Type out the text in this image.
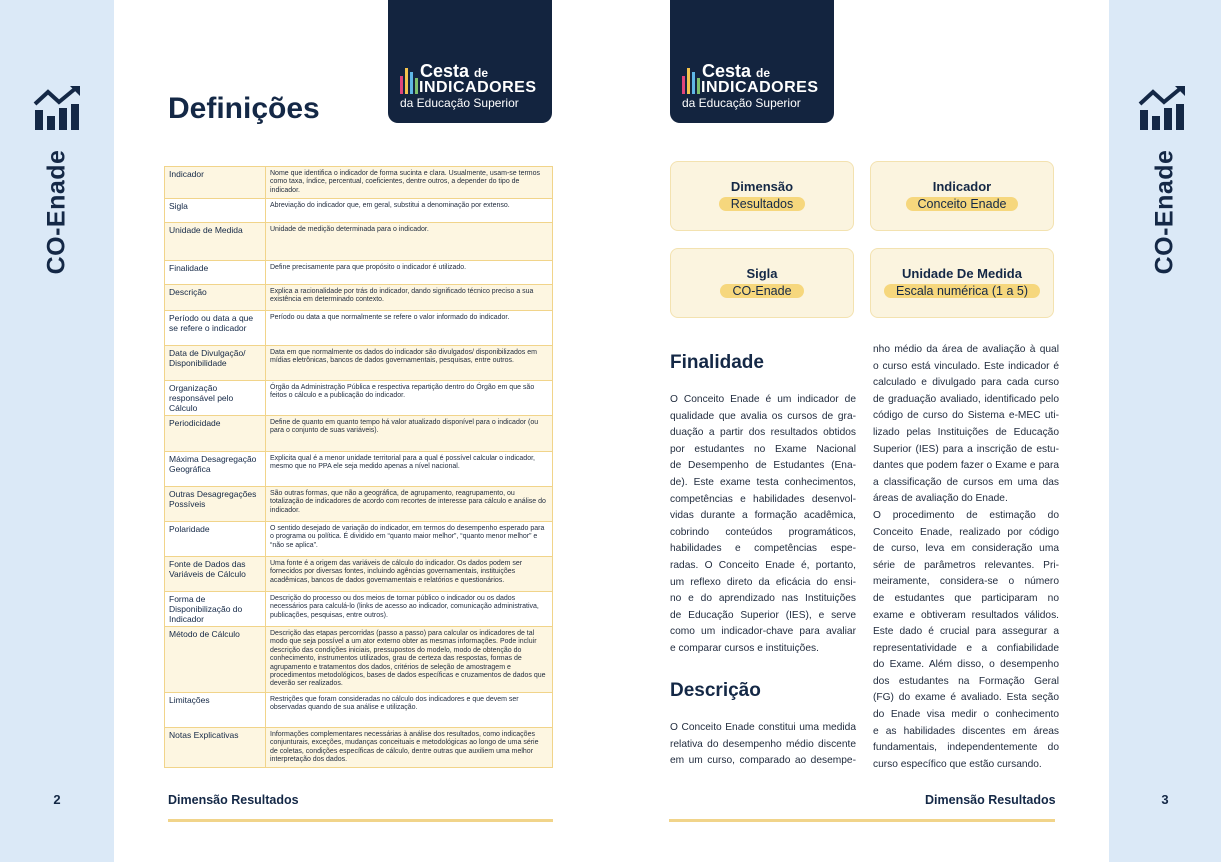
CO-Enade
2
CO-Enade
3
Cesta de
INDICADORES
da Educação Superior
Cesta de
INDICADORES
da Educação Superior
Definições
Indicador	Nome que identifica o indicador de forma sucinta e clara. Usualmente, usam-se termos como taxa, índice, percentual, coeficientes, dentre outros, a depender do tipo de indicador.
Sigla	Abreviação do indicador que, em geral, substitui a denominação por extenso.
Unidade de Medida	Unidade de medição determinada para o indicador.
Finalidade	Define precisamente para que propósito o indicador é utilizado.
Descrição	Explica a racionalidade por trás do indicador, dando significado técnico preciso a sua existência em determinado contexto.
Período ou data a que se refere o indicador	Período ou data a que normalmente se refere o valor informado do indicador.
Data de Divulgação/ Disponibilidade	Data em que normalmente os dados do indicador são divulgados/ disponibilizados em mídias eletrônicas, bancos de dados governamentais, pesquisas, entre outros.
Organização responsável pelo Cálculo	Órgão da Administração Pública e respectiva repartição dentro do Órgão em que são feitos o cálculo e a publicação do indicador.
Periodicidade	Define de quanto em quanto tempo há valor atualizado disponível para o indicador (ou para o conjunto de suas variáveis).
Máxima Desagregação Geográfica	Explicita qual é a menor unidade territorial para a qual é possível calcular o indicador, mesmo que no PPA ele seja medido apenas a nível nacional.
Outras Desagregações Possíveis	São outras formas, que não a geográfica, de agrupamento, reagrupamento, ou totalização de indicadores de acordo com recortes de interesse para cálculo e análise do indicador.
Polaridade	O sentido desejado de variação do indicador, em termos do desempenho esperado para o programa ou política. É dividido em “quanto maior melhor”, “quanto menor melhor” e “não se aplica”.
Fonte de Dados das Variáveis de Cálculo	Uma fonte é a origem das variáveis de cálculo do indicador. Os dados podem ser fornecidos por diversas fontes, incluindo agências governamentais, instituições acadêmicas, bancos de dados governamentais e relatórios e questionários.
Forma de Disponibilização do Indicador	Descrição do processo ou dos meios de tornar público o indicador ou os dados necessários para calculá-lo (links de acesso ao indicador, comunicação administrativa, publicações, pesquisas, entre outros).
Método de Cálculo	Descrição das etapas percorridas (passo a passo) para calcular os indicadores de tal modo que seja possível a um ator externo obter as mesmas informações. Pode incluir descrição das condições iniciais, pressupostos do modelo, modo de obtenção do conhecimento, instrumentos utilizados, grau de certeza das respostas, formas de agrupamento e tratamentos dos dados, critérios de seleção de amostragem e procedimentos metodológicos, bases de dados específicas e cruzamentos de dados que deverão ser realizados.
Limitações	Restrições que foram consideradas no cálculo dos indicadores e que devem ser observadas quando de sua análise e utilização.
Notas Explicativas	Informações complementares necessárias à análise dos resultados, como indicações conjunturais, exceções, mudanças conceituais e metodológicas ao longo de uma série de coletas, condições específicas de cálculo, dentre outras que auxiliem uma melhor interpretação dos dados.
Dimensão Resultados
Dimensão
Resultados
Indicador
Conceito Enade
Sigla
CO-Enade
Unidade De Medida
Escala numérica (1 a 5)
Finalidade
O Conceito Enade é um indicador de
qualidade que avalia os cursos de gra-
duação a partir dos resultados obtidos
por estudantes no Exame Nacional
de Desempenho de Estudantes (Ena-
de). Este exame testa conhecimentos,
competências e habilidades desenvol-
vidas durante a formação acadêmica,
cobrindo conteúdos programáticos,
habilidades e competências espe-
radas. O Conceito Enade é, portanto,
um reflexo direto da eficácia do ensi-
no e do aprendizado nas Instituições
de Educação Superior (IES), e serve
como um indicador-chave para avaliar
e comparar cursos e instituições.
Descrição
O Conceito Enade constitui uma medida
relativa do desempenho médio discente
em um curso, comparado ao desempe-
nho médio da área de avaliação à qual
o curso está vinculado. Este indicador é
calculado e divulgado para cada curso
de graduação avaliado, identificado pelo
código de curso do Sistema e-MEC uti-
lizado pelas Instituições de Educação
Superior (IES) para a inscrição de estu-
dantes que podem fazer o Exame e para
a classificação de cursos em uma das
áreas de avaliação do Enade.
O procedimento de estimação do
Conceito Enade, realizado por código
de curso, leva em consideração uma
série de parâmetros relevantes. Pri-
meiramente, considera-se o número
de estudantes que participaram no
exame e obtiveram resultados válidos.
Este dado é crucial para assegurar a
representatividade e a confiabilidade
do Exame. Além disso, o desempenho
dos estudantes na Formação Geral
(FG) do exame é avaliado. Esta seção
do Enade visa medir o conhecimento
e as habilidades discentes em áreas
fundamentais, independentemente do
curso específico que estão cursando.
Dimensão Resultados
